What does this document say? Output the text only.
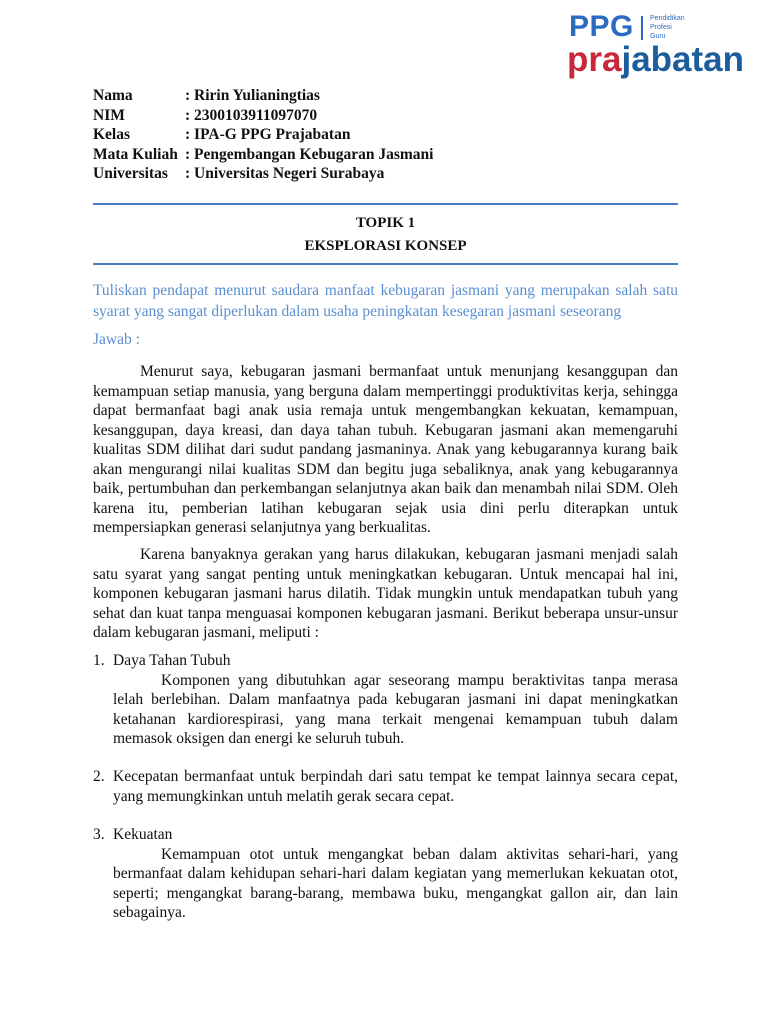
PPG Pendidikan
Profesi
Guru
prajabatan
Nama	: Ririn Yulianingtias
NIM	: 2300103911097070
Kelas	: IPA-G PPG Prajabatan
Mata Kuliah : Pengembangan Kebugaran Jasmani
Universitas	: Universitas Negeri Surabaya
TOPIK 1
EKSPLORASI KONSEP
Tuliskan pendapat menurut saudara manfaat kebugaran jasmani yang merupakan salah satu syarat yang sangat diperlukan dalam usaha peningkatan kesegaran jasmani seseorang
Jawab :
Menurut saya, kebugaran jasmani bermanfaat untuk menunjang kesanggupan dan kemampuan setiap manusia, yang berguna dalam mempertinggi produktivitas kerja, sehingga dapat bermanfaat bagi anak usia remaja untuk mengembangkan kekuatan, kemampuan, kesanggupan, daya kreasi, dan daya tahan tubuh. Kebugaran jasmani akan memengaruhi kualitas SDM dilihat dari sudut pandang jasmaninya. Anak yang kebugarannya kurang baik akan mengurangi nilai kualitas SDM dan begitu juga sebaliknya, anak yang kebugarannya baik, pertumbuhan dan perkembangan selanjutnya akan baik dan menambah nilai SDM. Oleh karena itu, pemberian latihan kebugaran sejak usia dini perlu diterapkan untuk mempersiapkan generasi selanjutnya yang berkualitas.
Karena banyaknya gerakan yang harus dilakukan, kebugaran jasmani menjadi salah satu syarat yang sangat penting untuk meningkatkan kebugaran. Untuk mencapai hal ini, komponen kebugaran jasmani harus dilatih. Tidak mungkin untuk mendapatkan tubuh yang sehat dan kuat tanpa menguasai komponen kebugaran jasmani. Berikut beberapa unsur-unsur dalam kebugaran jasmani, meliputi :
1. Daya Tahan Tubuh
Komponen yang dibutuhkan agar seseorang mampu beraktivitas tanpa merasa lelah berlebihan. Dalam manfaatnya pada kebugaran jasmani ini dapat meningkatkan ketahanan kardiorespirasi, yang mana terkait mengenai kemampuan tubuh dalam memasok oksigen dan energi ke seluruh tubuh.
2. Kecepatan bermanfaat untuk berpindah dari satu tempat ke tempat lainnya secara cepat, yang memungkinkan untuh melatih gerak secara cepat.
3. Kekuatan
Kemampuan otot untuk mengangkat beban dalam aktivitas sehari-hari, yang bermanfaat dalam kehidupan sehari-hari dalam kegiatan yang memerlukan kekuatan otot, seperti; mengangkat barang-barang, membawa buku, mengangkat gallon air, dan lain sebagainya.
